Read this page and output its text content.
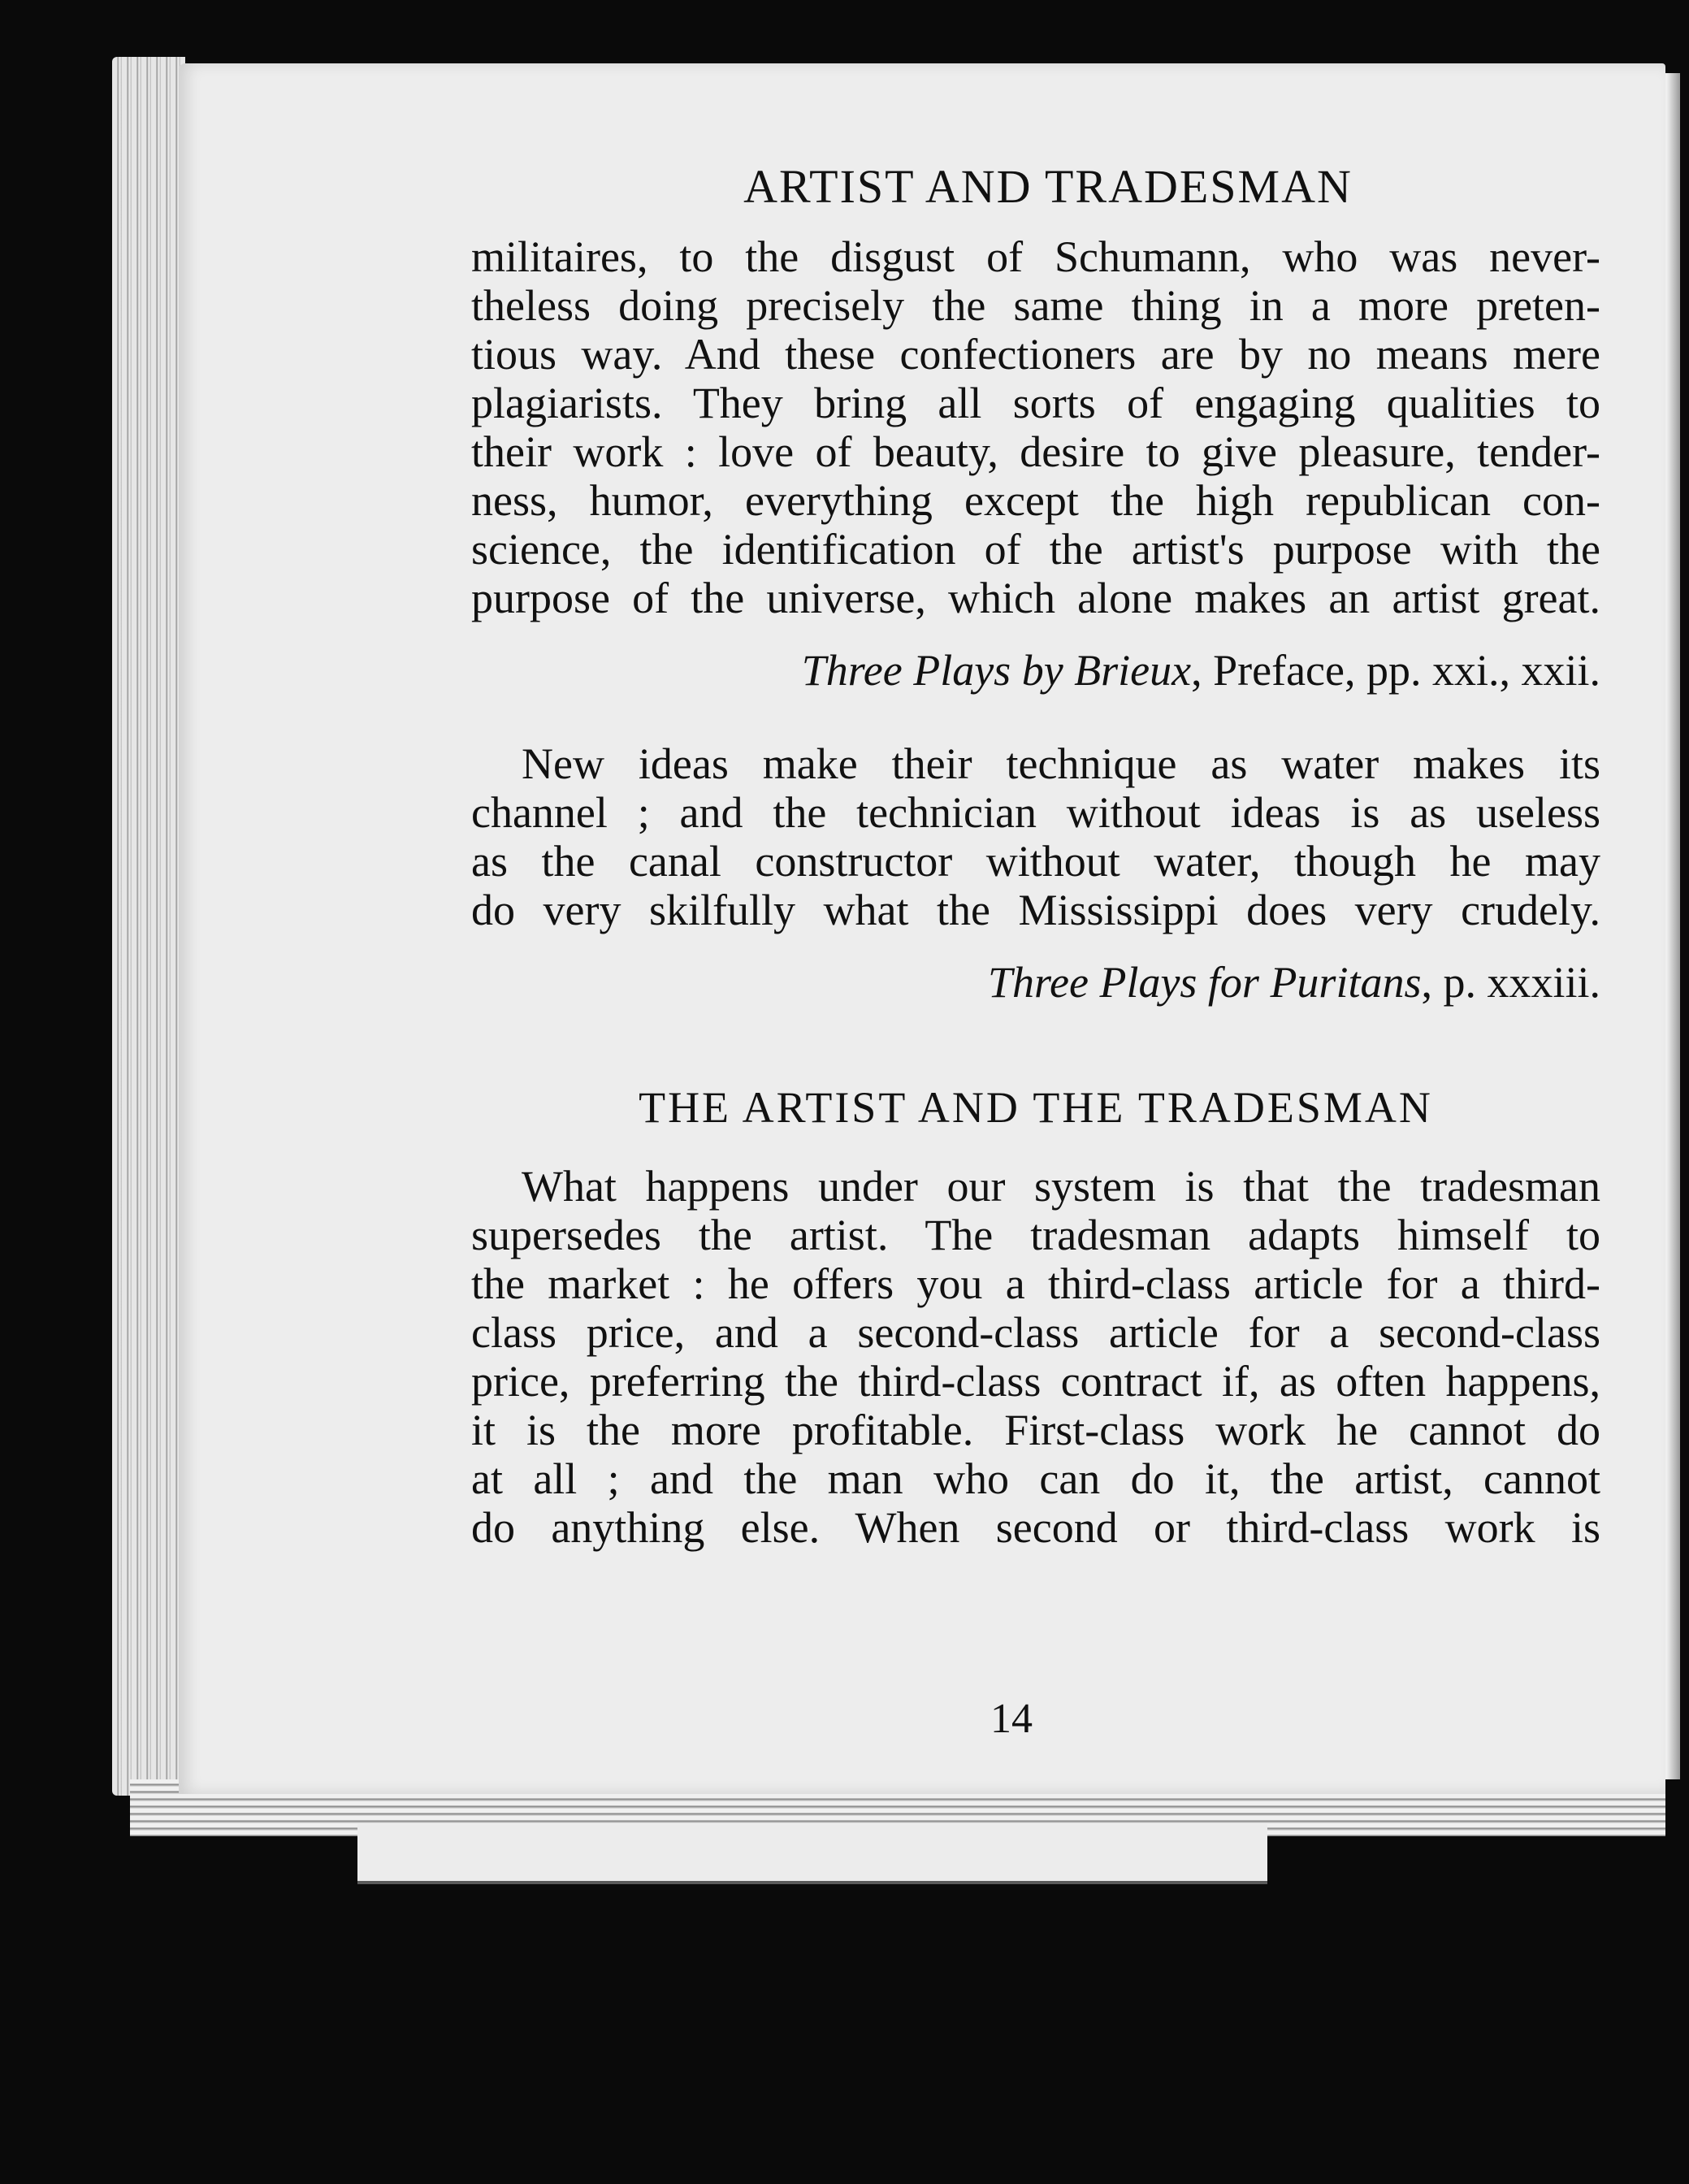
ARTIST AND TRADESMAN
militaires, to the disgust of Schumann, who was never-
theless doing precisely the same thing in a more preten-
tious way. And these confectioners are by no means mere
plagiarists. They bring all sorts of engaging qualities to
their work : love of beauty, desire to give pleasure, tender-
ness, humor, everything except the high republican con-
science, the identification of the artist's purpose with the
purpose of the universe, which alone makes an artist great.
Three Plays by Brieux, Preface, pp. xxi., xxii.
New ideas make their technique as water makes its
channel ; and the technician without ideas is as useless
as the canal constructor without water, though he may
do very skilfully what the Mississippi does very crudely.
Three Plays for Puritans, p. xxxiii.
THE ARTIST AND THE TRADESMAN
What happens under our system is that the tradesman
supersedes the artist. The tradesman adapts himself to
the market : he offers you a third-class article for a third-
class price, and a second-class article for a second-class
price, preferring the third-class contract if, as often happens,
it is the more profitable. First-class work he cannot do
at all ; and the man who can do it, the artist, cannot
do anything else. When second or third-class work is
14
